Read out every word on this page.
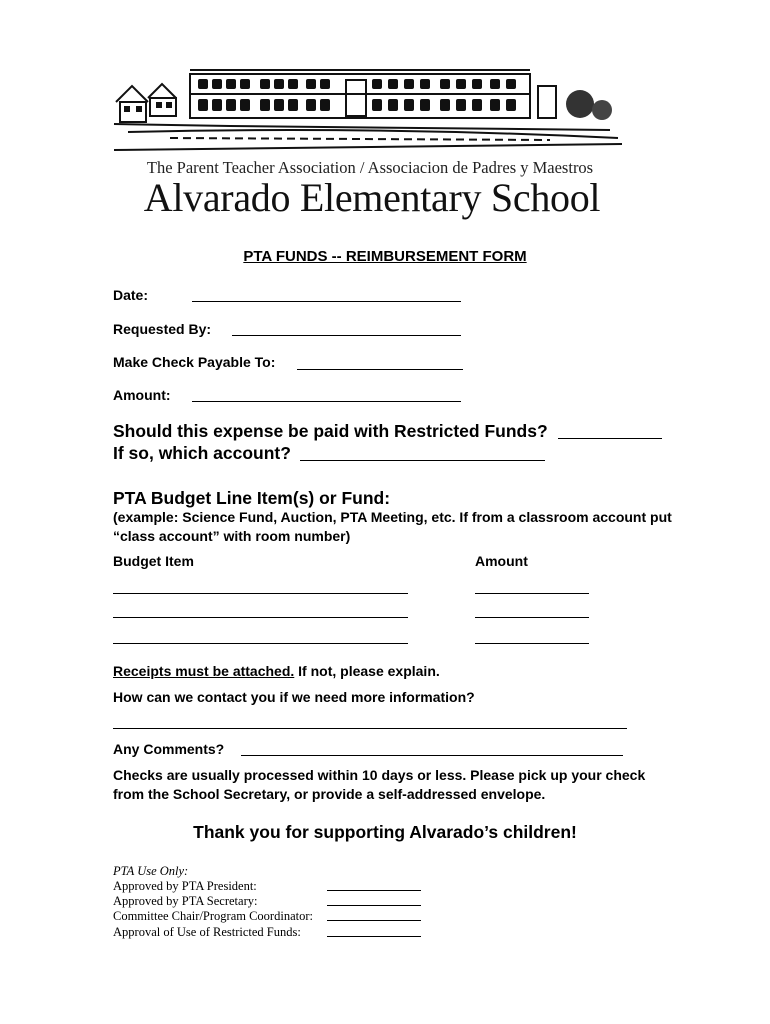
The Parent Teacher Association / Associacion de Padres y Maestros
Alvarado Elementary School
PTA FUNDS -- REIMBURSEMENT FORM
Date:
Requested By:
Make Check Payable To:
Amount:
Should this expense be paid with Restricted Funds?
If so, which account?
PTA Budget Line Item(s) or Fund:
(example: Science Fund, Auction, PTA Meeting, etc. If from a classroom account put “class account” with room number)
Budget Item	Amount
Receipts must be attached. If not, please explain.
How can we contact you if we need more information?
Any Comments?
Checks are usually processed within 10 days or less. Please pick up your check from the School Secretary, or provide a self-addressed envelope.
Thank you for supporting Alvarado’s children!
PTA Use Only:
Approved by PTA President:
Approved by PTA Secretary:
Committee Chair/Program Coordinator:
Approval of Use of Restricted Funds:
